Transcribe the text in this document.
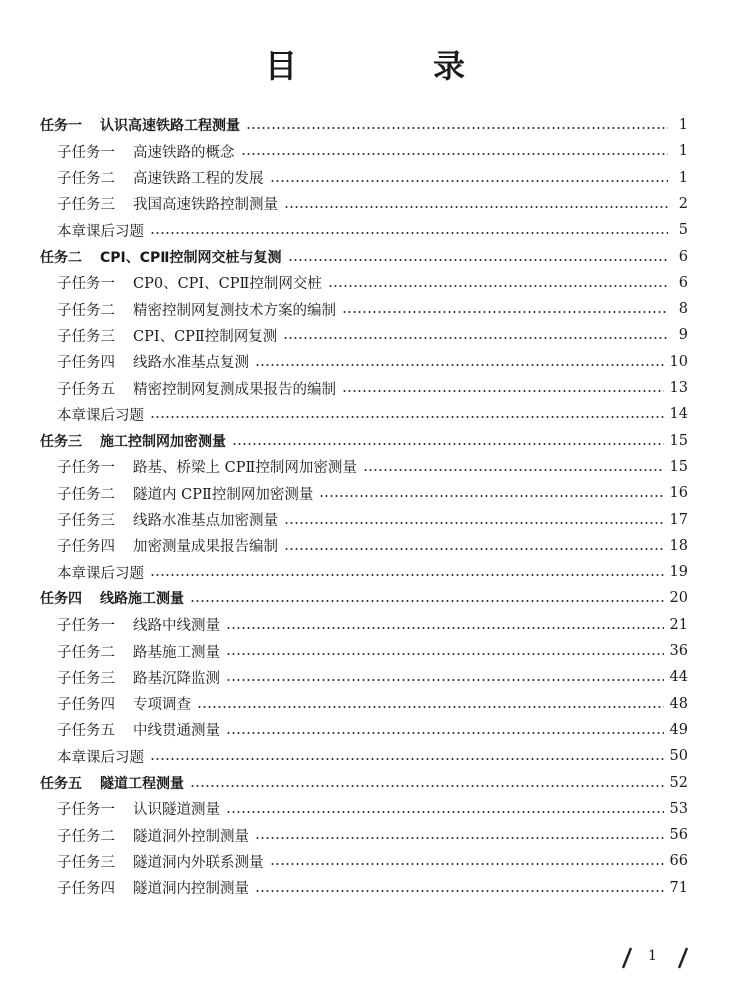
目　录
任务一 认识高速铁路工程测量	1
子任务一 高速铁路的概念	1
子任务二 高速铁路工程的发展	1
子任务三 我国高速铁路控制测量	2
本章课后习题	5
任务二 CPⅠ、CPⅡ控制网交桩与复测	6
子任务一 CP0、CPⅠ、CPⅡ控制网交桩	6
子任务二 精密控制网复测技术方案的编制	8
子任务三 CPⅠ、CPⅡ控制网复测	9
子任务四 线路水准基点复测	10
子任务五 精密控制网复测成果报告的编制	13
本章课后习题	14
任务三 施工控制网加密测量	15
子任务一 路基、桥梁上 CPⅡ控制网加密测量	15
子任务二 隧道内 CPⅡ控制网加密测量	16
子任务三 线路水准基点加密测量	17
子任务四 加密测量成果报告编制	18
本章课后习题	19
任务四 线路施工测量	20
子任务一 线路中线测量	21
子任务二 路基施工测量	36
子任务三 路基沉降监测	44
子任务四 专项调查	48
子任务五 中线贯通测量	49
本章课后习题	50
任务五 隧道工程测量	52
子任务一 认识隧道测量	53
子任务二 隧道洞外控制测量	56
子任务三 隧道洞内外联系测量	66
子任务四 隧道洞内控制测量	71
1
